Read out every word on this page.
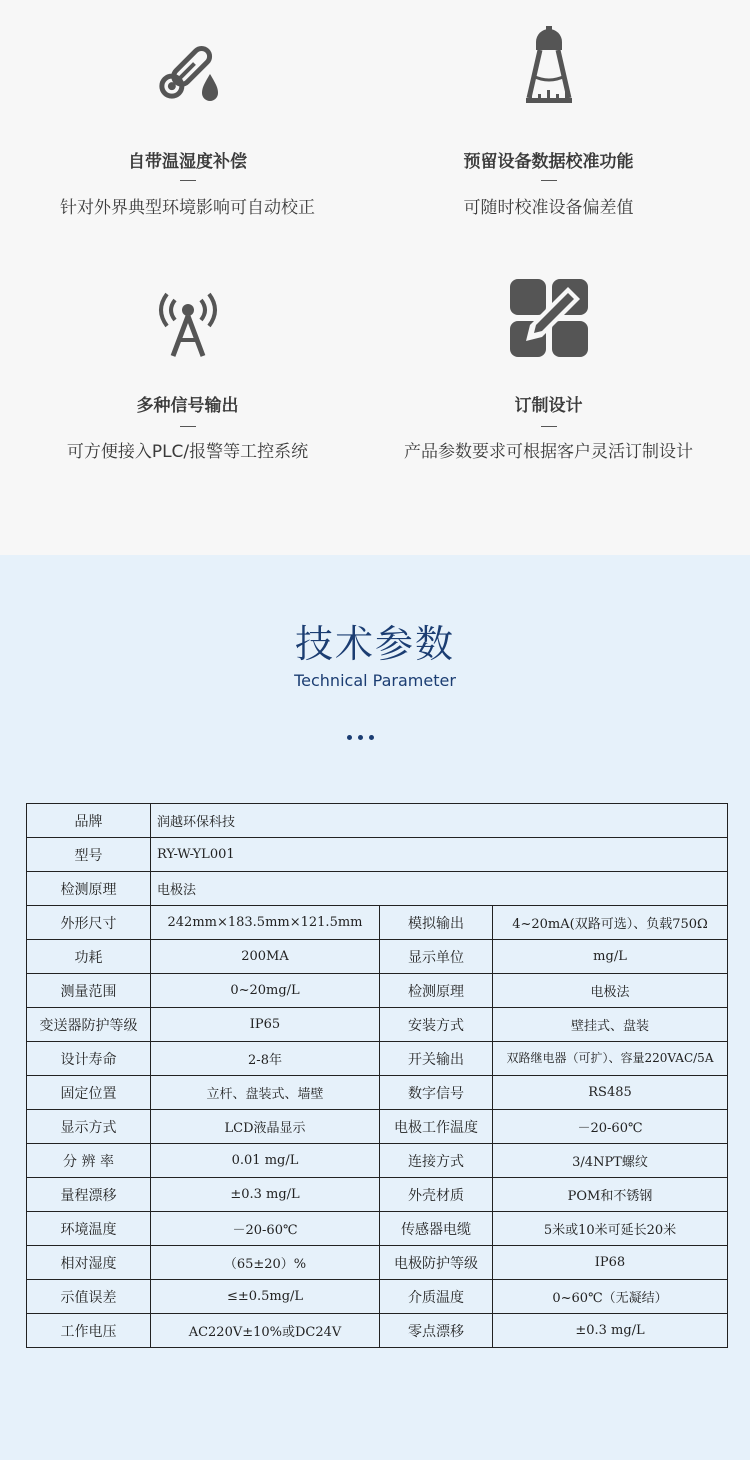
自带温湿度补偿
针对外界典型环境影响可自动校正
预留设备数据校准功能
可随时校准设备偏差值
多种信号输出
可方便接入PLC/报警等工控系统
订制设计
产品参数要求可根据客户灵活订制设计
技术参数
Technical Parameter
品牌	润越环保科技		
型号	RY-W-YL001		
检测原理	电极法		
外形尺寸	242mm×183.5mm×121.5mm	模拟输出	4~20mA(双路可选）、负载750Ω
功耗	200MA	显示单位	mg/L
测量范围	0~20mg/L	检测原理	电极法
变送器防护等级	IP65	安装方式	壁挂式、盘装
设计寿命	2-8年	开关输出	双路继电器（可扩）、容量220VAC/5A
固定位置	立杆、盘装式、墙壁	数字信号	RS485
显示方式	LCD液晶显示	电极工作温度	－20-60℃
分 辨 率	0.01 mg/L	连接方式	3/4NPT螺纹
量程漂移	±0.3 mg/L	外壳材质	POM和不锈钢
环境温度	－20-60℃	传感器电缆	5米或10米可延长20米
相对湿度	（65±20）%	电极防护等级	IP68
示值误差	≤±0.5mg/L	介质温度	0~60℃（无凝结）
工作电压	AC220V±10%或DC24V	零点漂移	±0.3 mg/L
